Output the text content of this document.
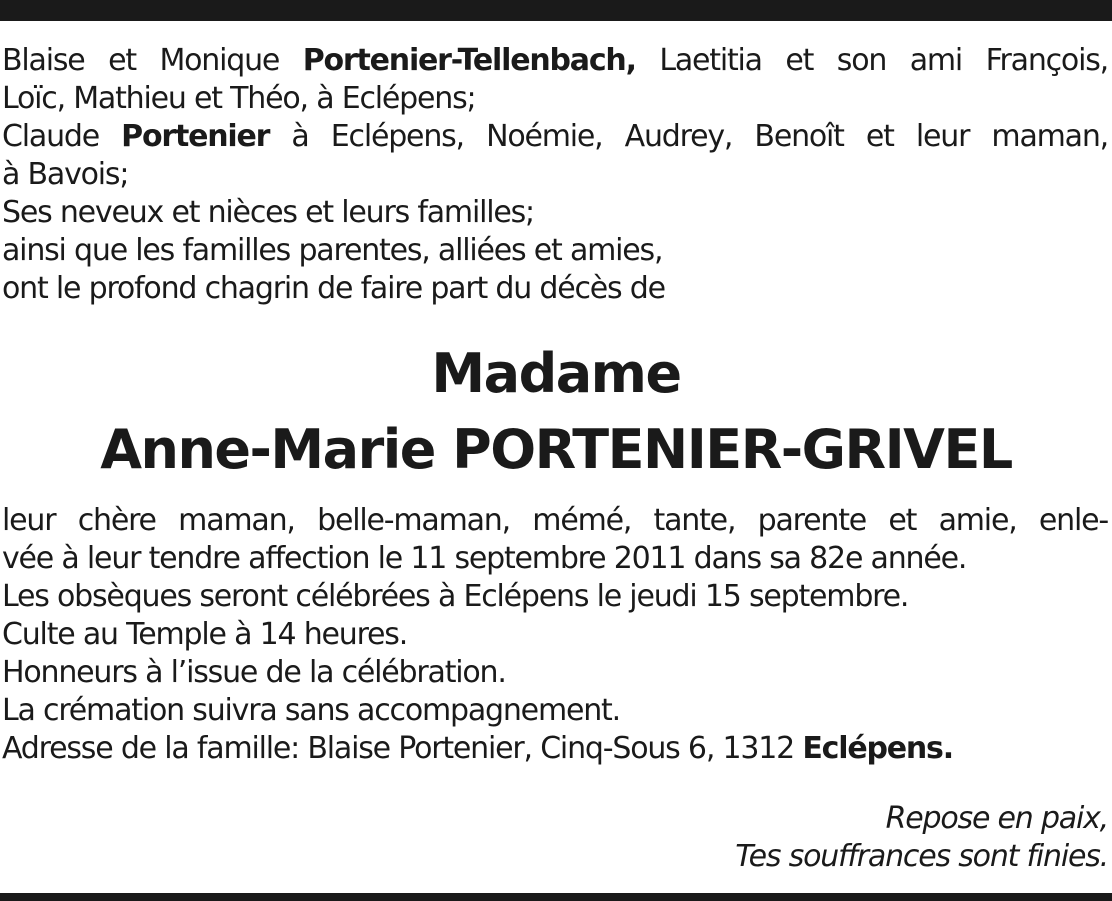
Blaise et Monique Portenier-Tellenbach, Laetitia et son ami François,
Loïc, Mathieu et Théo, à Eclépens;
Claude Portenier à Eclépens, Noémie, Audrey, Benoît et leur maman,
à Bavois;
Ses neveux et nièces et leurs familles;
ainsi que les familles parentes, alliées et amies,
ont le profond chagrin de faire part du décès de
Madame
Anne-Marie PORTENIER-GRIVEL
leur chère maman, belle-maman, mémé, tante, parente et amie, enle-
vée à leur tendre affection le 11 septembre 2011 dans sa 82e année.
Les obsèques seront célébrées à Eclépens le jeudi 15 septembre.
Culte au Temple à 14 heures.
Honneurs à l’issue de la célébration.
La crémation suivra sans accompagnement.
Adresse de la famille: Blaise Portenier, Cinq-Sous 6, 1312 Eclépens.
Repose en paix,
Tes souffrances sont finies.
